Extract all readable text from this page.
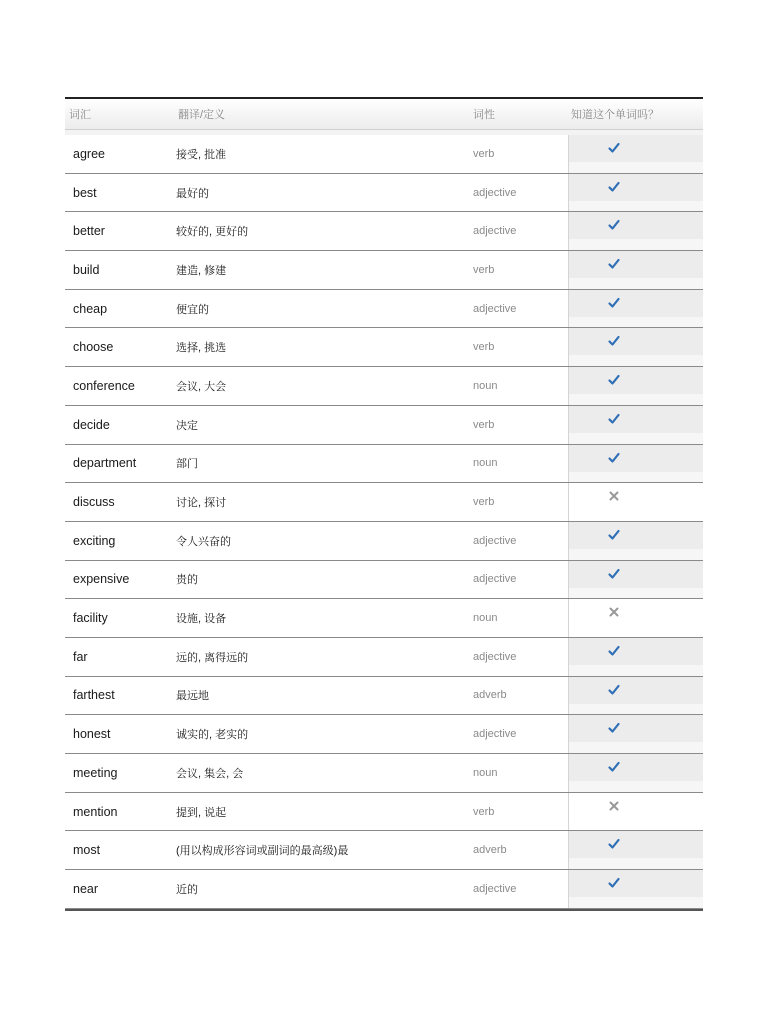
词汇	翻译/定义	词性	知道这个单词吗？
agree	接受, 批准	verb
best	最好的	adjective
better	较好的, 更好的	adjective
build	建造, 修建	verb
cheap	便宜的	adjective
choose	选择, 挑选	verb
conference	会议, 大会	noun
decide	决定	verb
department	部门	noun
discuss	讨论, 探讨	verb
exciting	令人兴奋的	adjective
expensive	贵的	adjective
facility	设施, 设备	noun
far	远的, 离得远的	adjective
farthest	最远地	adverb
honest	诚实的, 老实的	adjective
meeting	会议, 集会, 会	noun
mention	提到, 说起	verb
most	(用以构成形容词或副词的最高级)最	adverb
near	近的	adjective
